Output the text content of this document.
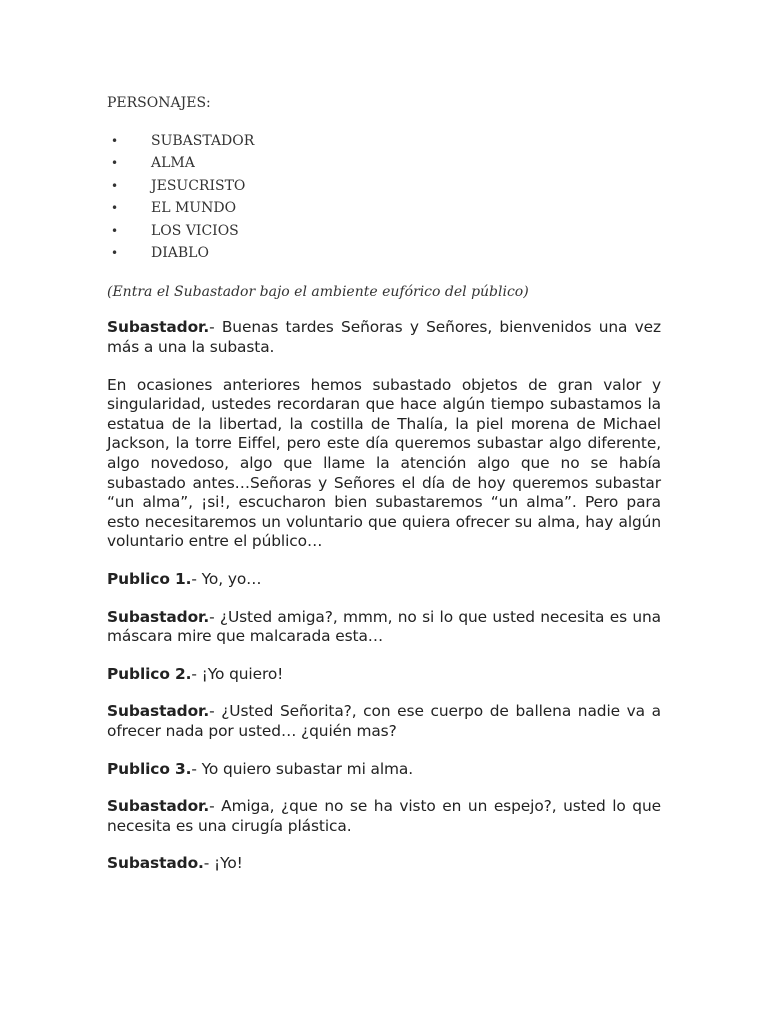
PERSONAJES:
• SUBASTADOR
• ALMA
• JESUCRISTO
• EL MUNDO
• LOS VICIOS
• DIABLO
(Entra el Subastador bajo el ambiente eufórico del público)

Subastador.- Buenas tardes Señoras y Señores, bienvenidos una vez más a una la subasta.

En ocasiones anteriores hemos subastado objetos de gran valor y singularidad, ustedes recordaran que hace algún tiempo subastamos la estatua de la libertad, la costilla de Thalía, la piel morena de Michael Jackson, la torre Eiffel, pero este día queremos subastar algo diferente, algo novedoso, algo que llame la atención algo que no se había subastado antes…Señoras y Señores el día de hoy queremos subastar “un alma”, ¡si!, escucharon bien subastaremos “un alma”. Pero para esto necesitaremos un voluntario que quiera ofrecer su alma, hay algún voluntario entre el público…

Publico 1.- Yo, yo…

Subastador.- ¿Usted amiga?, mmm, no si lo que usted necesita es una máscara mire que malcarada esta…

Publico 2.- ¡Yo quiero!

Subastador.- ¿Usted Señorita?, con ese cuerpo de ballena nadie va a ofrecer nada por usted… ¿quién mas?

Publico 3.- Yo quiero subastar mi alma.

Subastador.- Amiga, ¿que no se ha visto en un espejo?, usted lo que necesita es una cirugía plástica.

Subastado.- ¡Yo!
